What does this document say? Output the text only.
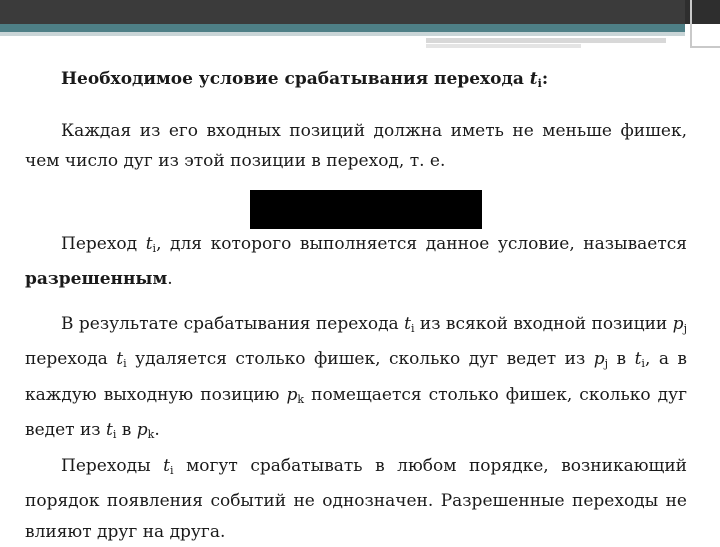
Необходимое условие срабатывания перехода $t_i$:

Каждая из его входных позиций должна иметь не меньше фишек, чем число дуг из этой позиции в переход, т. е.

Переход $t_i$, для которого выполняется данное условие, называется разрешенным.

В результате срабатывания перехода $t_i$ из всякой входной позиции $p_j$ перехода $t_i$ удаляется столько фишек, сколько дуг ведет из $p_j$ в $t_i$, а в каждую выходную позицию $p_k$ помещается столько фишек, сколько дуг ведет из $t_i$ в $p_k$.

Переходы $t_i$ могут срабатывать в любом порядке, возникающий порядок появления событий не однозначен. Разрешенные переходы не влияют друг на друга.
